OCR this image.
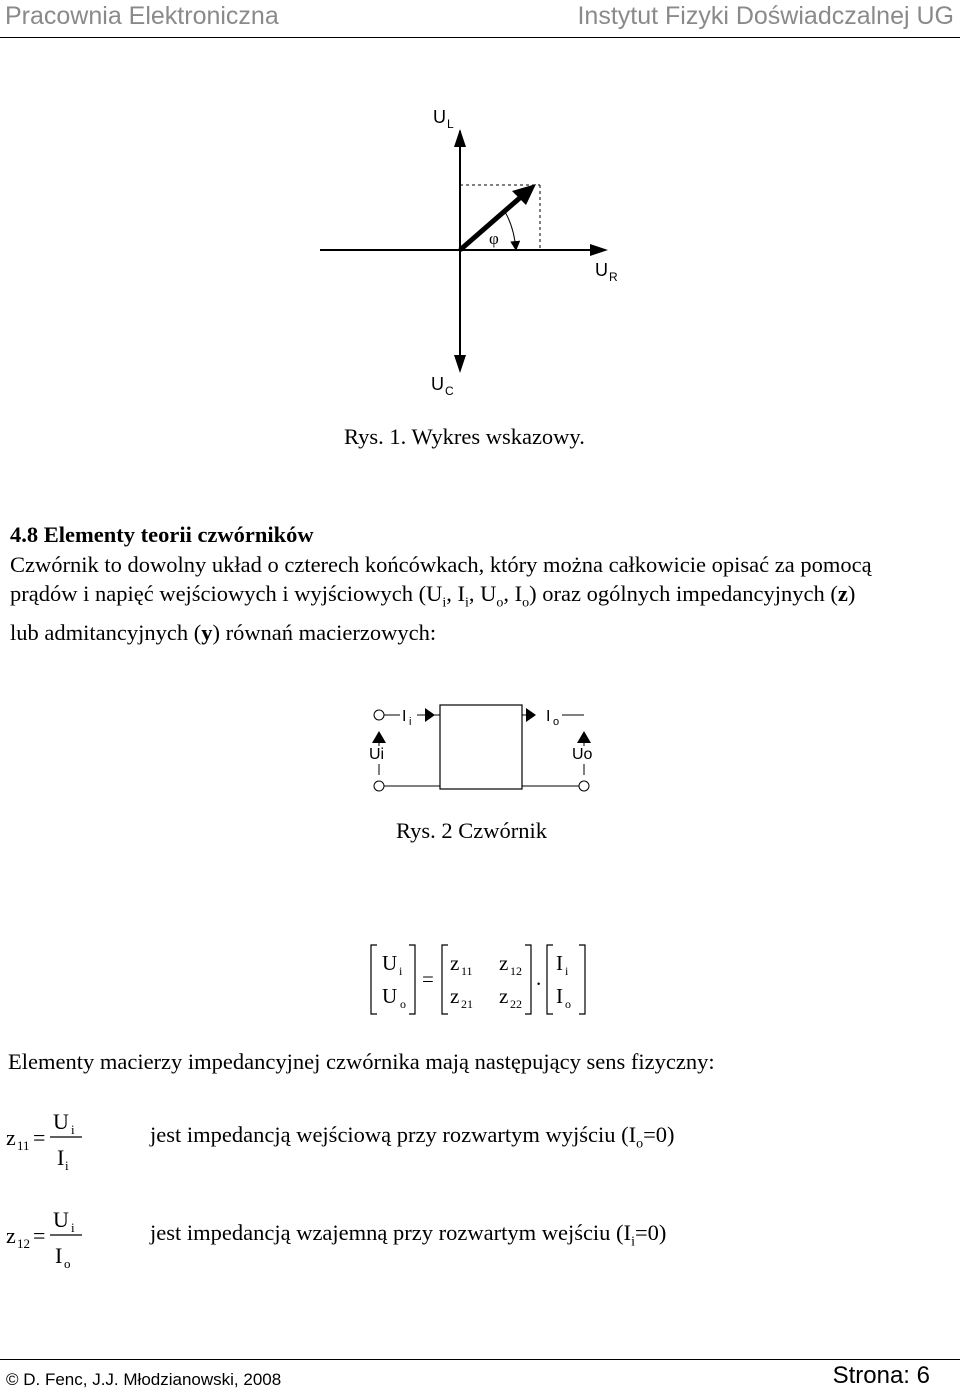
Pracownia Elektroniczna	Instytut Fizyki Doświadczalnej UG
φ
U L
U R
U C
Rys. 1. Wykres wskazowy.

4.8 Elementy teorii czwórników

Czwórnik to dowolny układ o czterech końcówkach, który można całkowicie opisać za pomocą

prądów i napięć wejściowych i wyjściowych ($U_i$, $I_i$, $U_o$, $I_o$) oraz ogólnych impedancyjnych (z)

lub admitancyjnych (y) równań macierzowych:

I i	I o
Ui	Uo
Rys. 2 Czwórnik
U i
U o
=
z 11 z 12
z 21 z 22
.
I i
I o
Elementy macierzy impedancyjnej czwórnika mają następujący sens fizyczny:
z 11 =
U i
I i
jest impedancją wejściową przy rozwartym wyjściu $(I_o=0)$
z 12 =
U i
I o
jest impedancją wzajemną przy rozwartym wejściu $(I_i=0)$
© D. Fenc, J.J. Młodzianowski, 2008	Strona: 6
